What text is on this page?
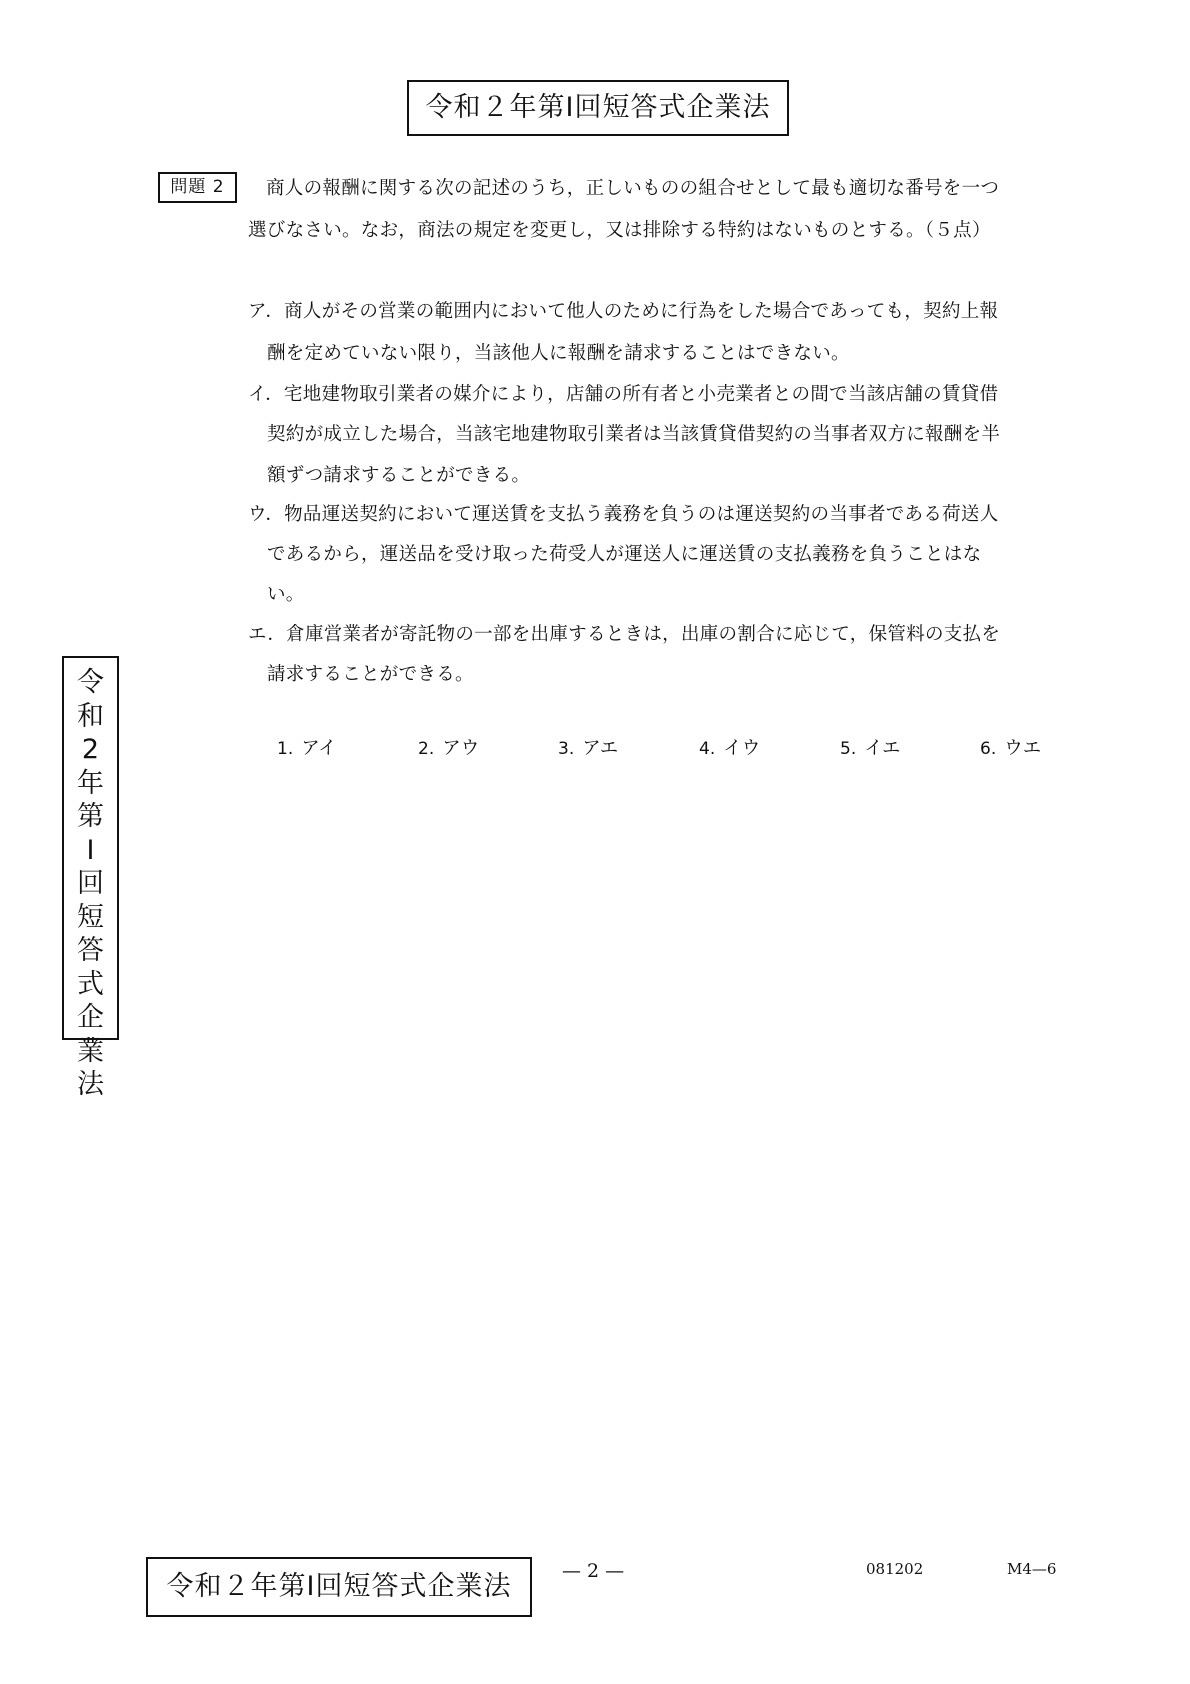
令和２年第Ⅰ回短答式企業法
問題 2	商人の報酬に関する次の記述のうち，正しいものの組合せとして最も適切な番号を一つ
選びなさい。なお，商法の規定を変更し，又は排除する特約はないものとする。（５点）
ア．商人がその営業の範囲内において他人のために行為をした場合であっても，契約上報
酬を定めていない限り，当該他人に報酬を請求することはできない。
イ．宅地建物取引業者の媒介により，店舗の所有者と小売業者との間で当該店舗の賃貸借
契約が成立した場合，当該宅地建物取引業者は当該賃貸借契約の当事者双方に報酬を半
額ずつ請求することができる。
ウ．物品運送契約において運送賃を支払う義務を負うのは運送契約の当事者である荷送人
であるから，運送品を受け取った荷受人が運送人に運送賃の支払義務を負うことはな
い。
エ．倉庫営業者が寄託物の一部を出庫するときは，出庫の割合に応じて，保管料の支払を
請求することができる。
1. アイ	2. アウ	3. アエ	4. イウ	5. イエ	6. ウエ
令
和
2
年
第
Ⅰ
回
短
答
式
企
業
法
令和２年第Ⅰ回短答式企業法	— 2 —	081202	M4—6
